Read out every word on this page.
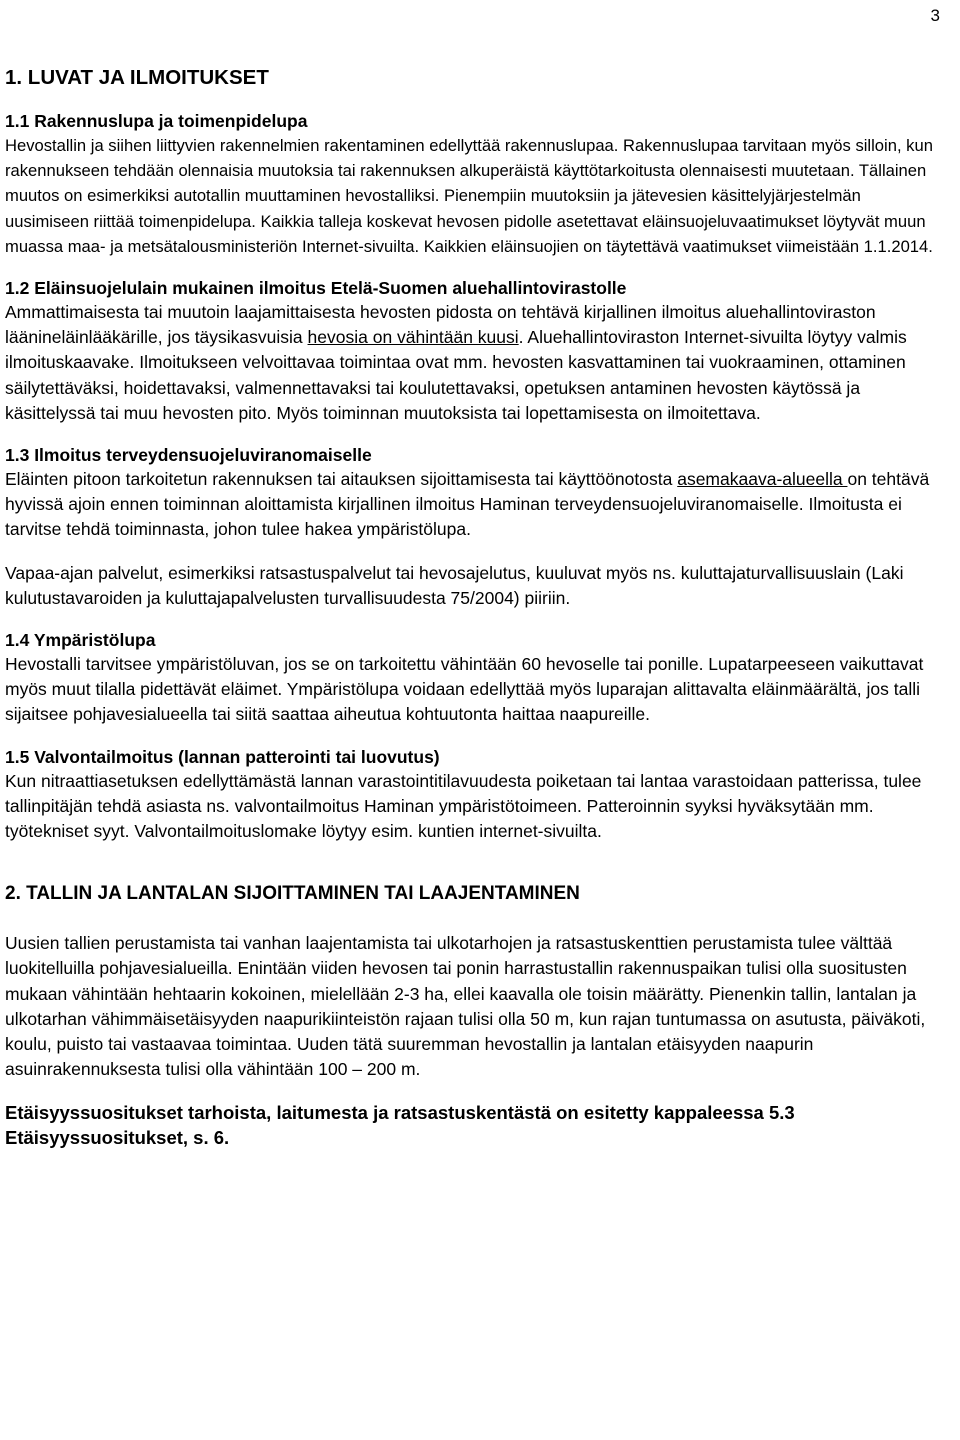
3
1. LUVAT JA ILMOITUKSET
1.1 Rakennuslupa ja toimenpidelupa

Hevostallin ja siihen liittyvien rakennelmien rakentaminen edellyttää rakennuslupaa. Rakennuslupaa tarvitaan myös silloin, kun rakennukseen tehdään olennaisia muutoksia tai rakennuksen alkuperäistä käyttötarkoitusta olennaisesti muutetaan. Tällainen muutos on esimerkiksi autotallin muuttaminen hevostalliksi. Pienempiin muutoksiin ja jätevesien käsittelyjärjestelmän uusimiseen riittää toimenpidelupa. Kaikkia talleja koskevat hevosen pidolle asetettavat eläinsuojeluvaatimukset löytyvät muun muassa maa- ja metsätalousministeriön Internet-sivuilta. Kaikkien eläinsuojien on täytettävä vaatimukset viimeistään 1.1.2014.

1.2 Eläinsuojelulain mukainen ilmoitus Etelä-Suomen aluehallintovirastolle

Ammattimaisesta tai muutoin laajamittaisesta hevosten pidosta on tehtävä kirjallinen ilmoitus aluehallintoviraston läänineläinlääkärille, jos täysikasvuisia hevosia on vähintään kuusi. Aluehallintoviraston Internet-sivuilta löytyy valmis ilmoituskaavake. Ilmoitukseen velvoittavaa toimintaa ovat mm. hevosten kasvattaminen tai vuokraaminen, ottaminen säilytettäväksi, hoidettavaksi, valmennettavaksi tai koulutettavaksi, opetuksen antaminen hevosten käytössä ja käsittelyssä tai muu hevosten pito. Myös toiminnan muutoksista tai lopettamisesta on ilmoitettava.

1.3 Ilmoitus terveydensuojeluviranomaiselle

Eläinten pitoon tarkoitetun rakennuksen tai aitauksen sijoittamisesta tai käyttöönotosta asemakaava-alueella on tehtävä hyvissä ajoin ennen toiminnan aloittamista kirjallinen ilmoitus Haminan terveydensuojeluviranomaiselle. Ilmoitusta ei tarvitse tehdä toiminnasta, johon tulee hakea ympäristölupa.

Vapaa-ajan palvelut, esimerkiksi ratsastuspalvelut tai hevosajelutus, kuuluvat myös ns. kuluttajaturvallisuuslain (Laki kulutustavaroiden ja kuluttajapalvelusten turvallisuudesta 75/2004) piiriin.

1.4 Ympäristölupa

Hevostalli tarvitsee ympäristöluvan, jos se on tarkoitettu vähintään 60 hevoselle tai ponille. Lupatarpeeseen vaikuttavat myös muut tilalla pidettävät eläimet. Ympäristölupa voidaan edellyttää myös luparajan alittavalta eläinmäärältä, jos talli sijaitsee pohjavesialueella tai siitä saattaa aiheutua kohtuutonta haittaa naapureille.

1.5 Valvontailmoitus (lannan patterointi tai luovutus)

Kun nitraattiasetuksen edellyttämästä lannan varastointitilavuudesta poiketaan tai lantaa varastoidaan patterissa, tulee tallinpitäjän tehdä asiasta ns. valvontailmoitus Haminan ympäristötoimeen. Patteroinnin syyksi hyväksytään mm. työtekniset syyt. Valvontailmoituslomake löytyy esim. kuntien internet-sivuilta.

2. TALLIN JA LANTALAN SIJOITTAMINEN TAI LAAJENTAMINEN

Uusien tallien perustamista tai vanhan laajentamista tai ulkotarhojen ja ratsastuskenttien perustamista tulee välttää luokitelluilla pohjavesialueilla. Enintään viiden hevosen tai ponin harrastustallin rakennuspaikan tulisi olla suositusten mukaan vähintään hehtaarin kokoinen, mielellään 2-3 ha, ellei kaavalla ole toisin määrätty. Pienenkin tallin, lantalan ja ulkotarhan vähimmäisetäisyyden naapurikiinteistön rajaan tulisi olla 50 m, kun rajan tuntumassa on asutusta, päiväkoti, koulu, puisto tai vastaavaa toimintaa. Uuden tätä suuremman hevostallin ja lantalan etäisyyden naapurin asuinrakennuksesta tulisi olla vähintään 100 – 200 m.

Etäisyyssuositukset tarhoista, laitumesta ja ratsastuskentästä on esitetty kappaleessa 5.3 Etäisyyssuositukset, s. 6.
